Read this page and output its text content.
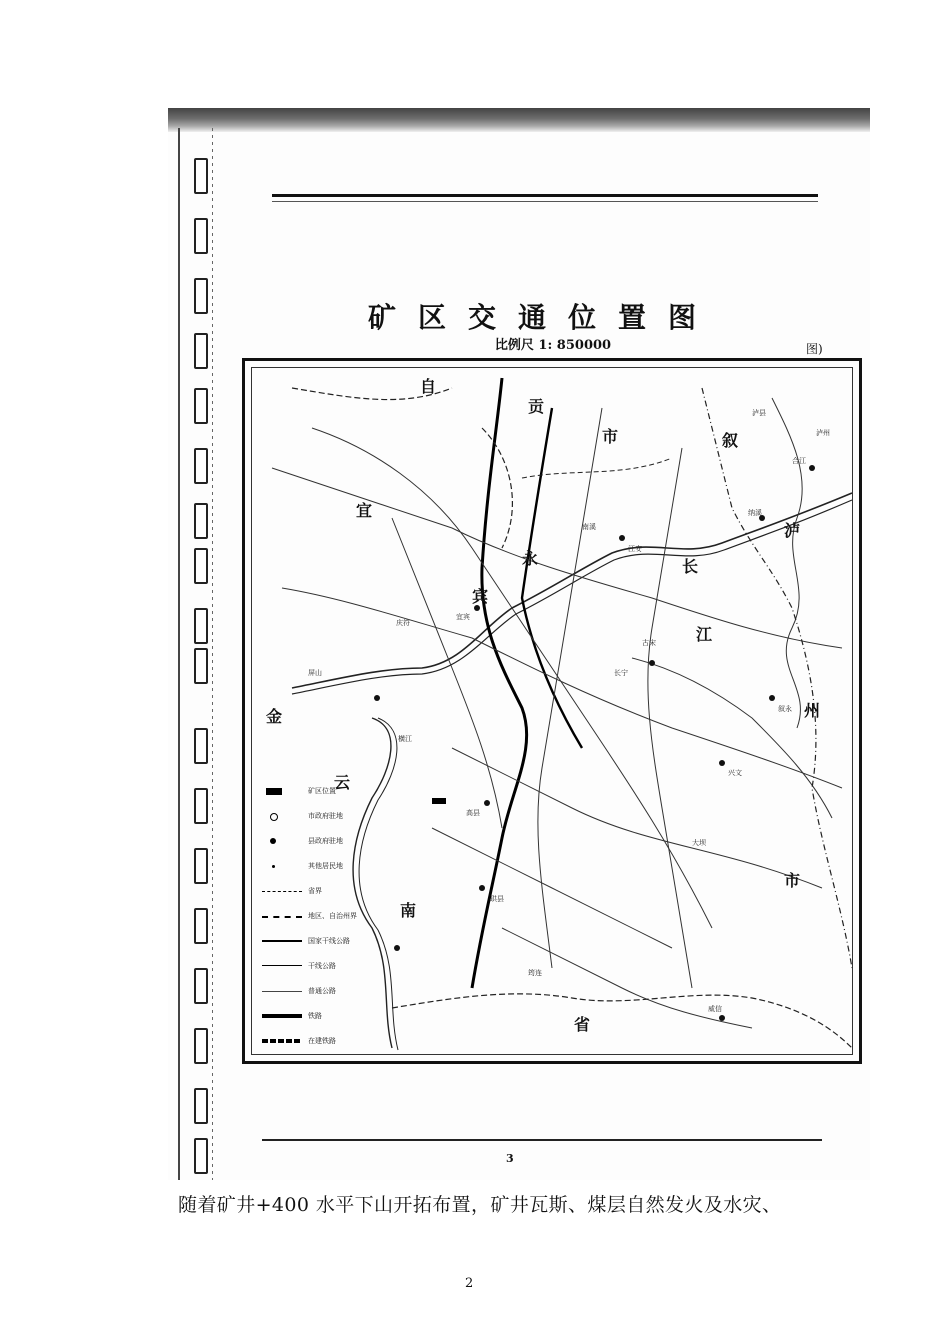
矿区交通位置图
比例尺 1: 850000	图)
宜宾
高县
珙县
兴文
叙永
纳溪
筠连
长宁
江安
南溪
屏山
威信
合江
古宋
泸州
庆符
横江
大坝
泸县
自
贡
市
泸
州
市
云
南
省
宜
宾
叙
永	长
江
金
矿区位置
市政府驻地
县政府驻地
其他居民地
省界
地区、自治州界
国家干线公路
干线公路
普通公路
铁路
在建铁路
3
随着矿井+400 水平下山开拓布置，矿井瓦斯、煤层自然发火及水灾、
2
